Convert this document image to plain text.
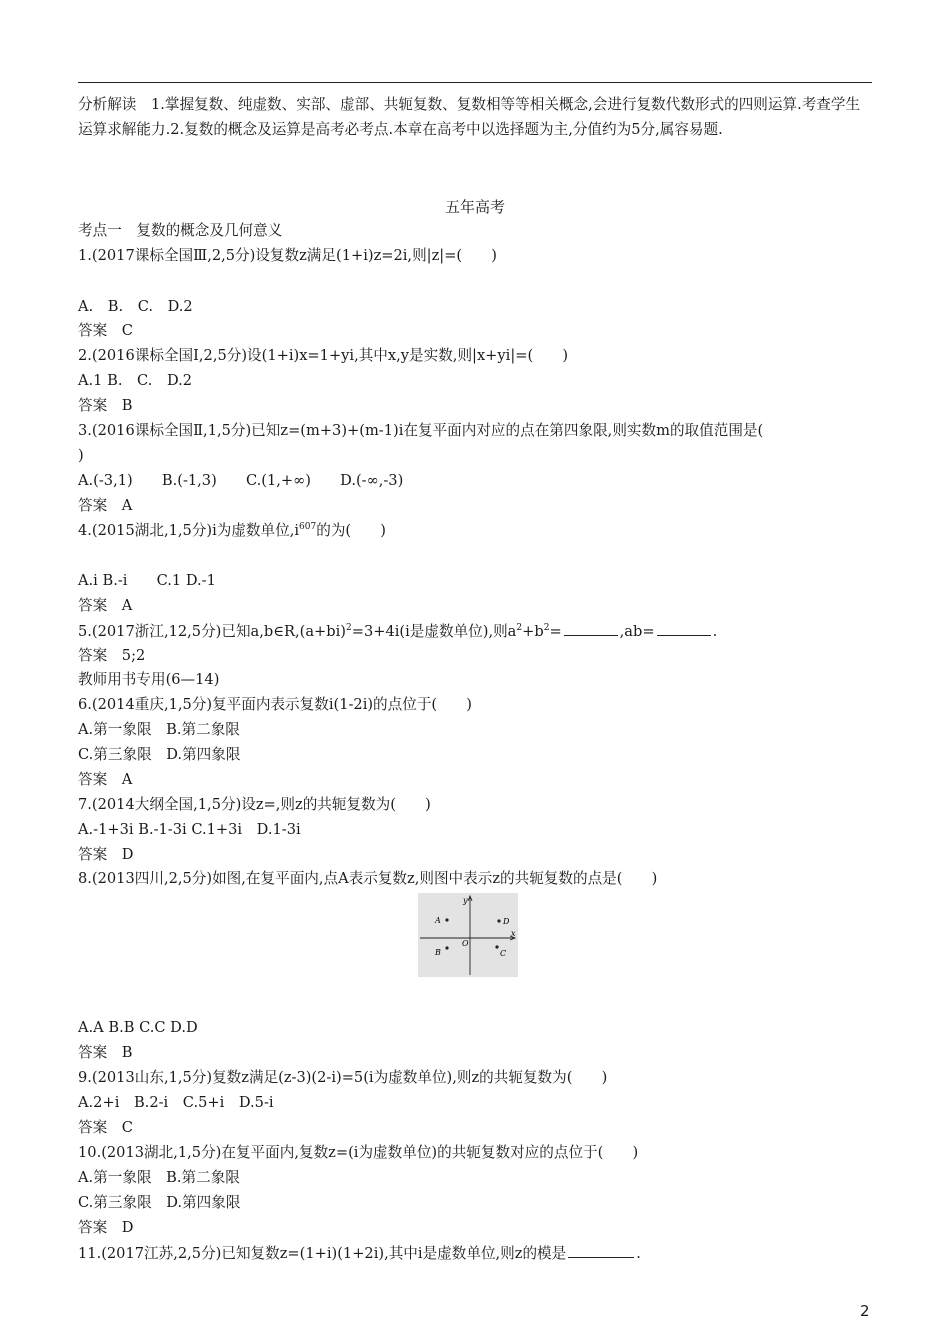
分析解读　1.掌握复数、纯虚数、实部、虚部、共轭复数、复数相等等相关概念,会进行复数代数形式的四则运算.考查学生运算求解能力.2.复数的概念及运算是高考必考点.本章在高考中以选择题为主,分值约为5分,属容易题.
五年高考
考点一　复数的概念及几何意义
1.(2017课标全国Ⅲ,2,5分)设复数z满足(1+i)z=2i,则|z|=(　　)
A.　B.　C.　D.2
答案　C
2.(2016课标全国Ⅰ,2,5分)设(1+i)x=1+yi,其中x,y是实数,则|x+yi|=(　　)
A.1 B.　C.　D.2
答案　B
3.(2016课标全国Ⅱ,1,5分)已知z=(m+3)+(m-1)i在复平面内对应的点在第四象限,则实数m的取值范围是(
)
A.(-3,1)　　B.(-1,3)　　C.(1,+∞)　　D.(-∞,-3)
答案　A
4.(2015湖北,1,5分)i为虚数单位$,i^{607}$的为(　　)
A.i B.-i　　C.1 D.-1
答案　A
5.(2017浙江,12,5分)已知$a,b\in R,(a+bi)^2=3+4i(i$是虚数单位),则$a^2+b^2=$	,ab=	.
答案　5;2
教师用书专用(6—14)
6.(2014重庆,1,5分)复平面内表示复数i(1-2i)的点位于(　　)
A.第一象限　B.第二象限
C.第三象限　D.第四象限
答案　A
7.(2014大纲全国,1,5分)设z=,则z的共轭复数为(　　)
A.-1+3i B.-1-3i C.1+3i　D.1-3i
答案　D
8.(2013四川,2,5分)如图,在复平面内,点A表示复数z,则图中表示z的共轭复数的点是(　　)
y
x
O
A
B	C
D
A.A B.B C.C D.D
答案　B
9.(2013山东,1,5分)复数z满足(z-3)(2-i)=5(i为虚数单位),则z的共轭复数为(　　)
A.2+i　B.2-i　C.5+i　D.5-i
答案　C
10.(2013湖北,1,5分)在复平面内,复数z=(i为虚数单位)的共轭复数对应的点位于(　　)
A.第一象限　B.第二象限
C.第三象限　D.第四象限
答案　D
11.(2017江苏,2,5分)已知复数z=(1+i)(1+2i),其中i是虚数单位,则z的模是	.
2
